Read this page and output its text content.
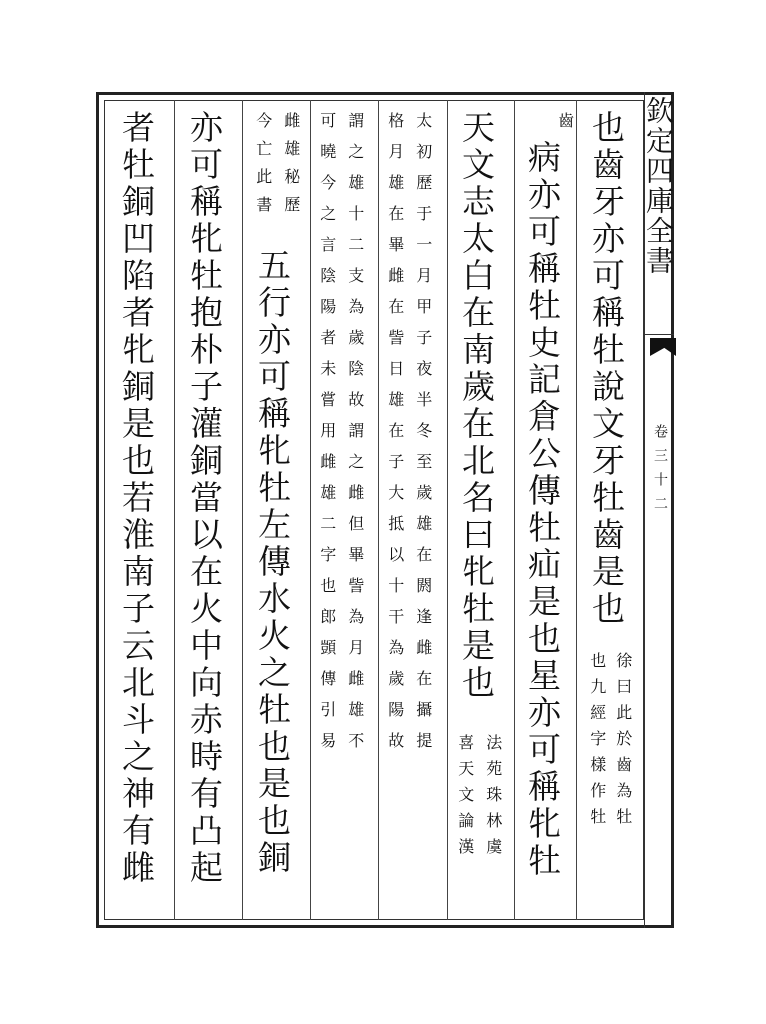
欽定四庫全書
卷三十二
也齒牙亦可稱牡說文牙牡齒是也
徐曰此於齒為牡
也九經字樣作牡
齒
病亦可稱牡史記倉公傳牡疝是也星亦可稱牝牡
天文志太白在南歲在北名曰牝牡是也
法苑珠林虞
喜天文論漢
太初歷于一月甲子夜半冬至歲雄在閼逢雌在攝提
格月雄在畢雌在訾日雄在子大抵以十干為歲陽故
謂之雄十二支為歲陰故謂之雌但畢訾為月雌雄不
可曉今之言陰陽者未嘗用雌雄二字也郎顗傳引易
雌雄秘歷
今亡此書
五行亦可稱牝牡左傳水火之牡也是也銅
亦可稱牝牡抱朴子灌銅當以在火中向赤時有凸起
者牡銅凹陷者牝銅是也若淮南子云北斗之神有雌
